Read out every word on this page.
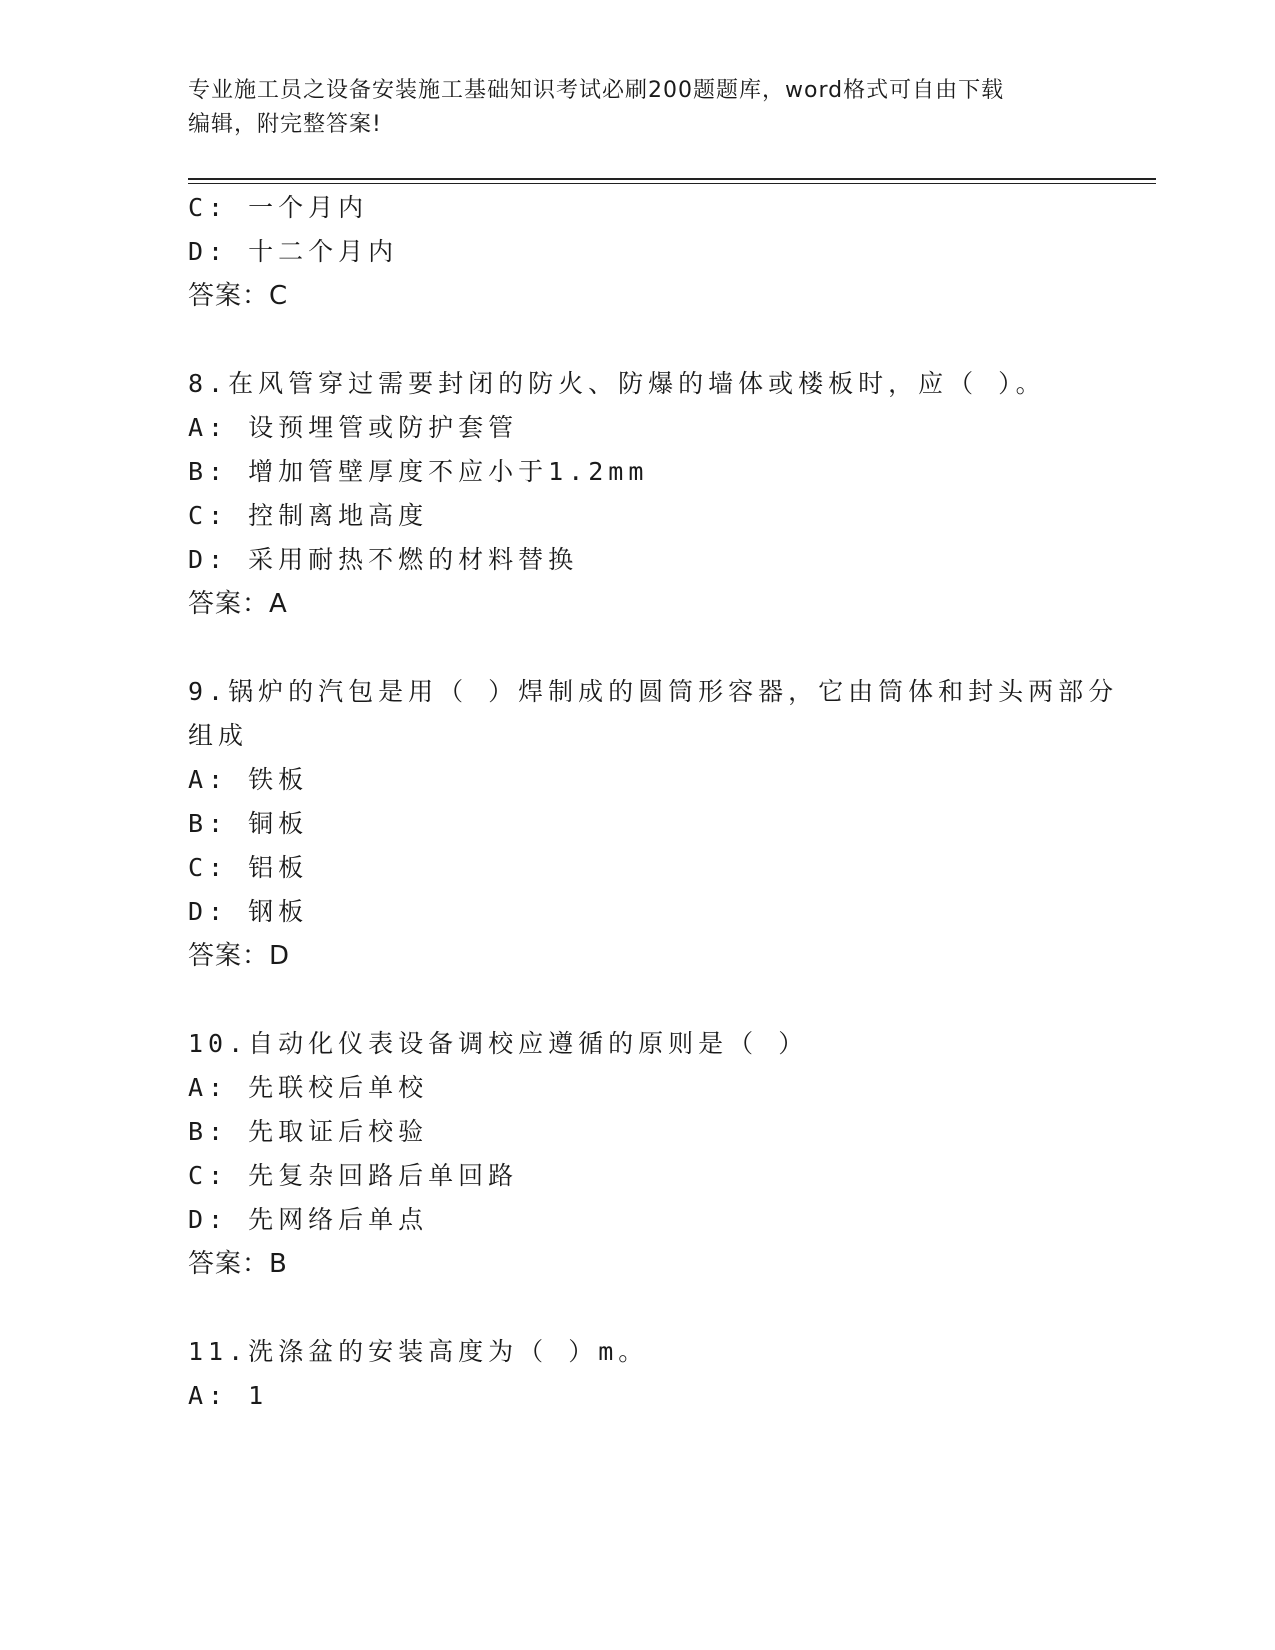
专业施工员之设备安装施工基础知识考试必刷200题题库，word格式可自由下载
编辑，附完整答案!
C: 一个月内
D: 十二个月内
答案：C
8.在风管穿过需要封闭的防火、防爆的墙体或楼板时，应（ ）。
A: 设预埋管或防护套管
B: 增加管壁厚度不应小于1.2mm
C: 控制离地高度
D: 采用耐热不燃的材料替换
答案：A
9.锅炉的汽包是用（ ）焊制成的圆筒形容器，它由筒体和封头两部分
组成
A: 铁板
B: 铜板
C: 铝板
D: 钢板
答案：D
10.自动化仪表设备调校应遵循的原则是（ ）
A: 先联校后单校
B: 先取证后校验
C: 先复杂回路后单回路
D: 先网络后单点
答案：B
11.洗涤盆的安装高度为（ ）m。
A: 1
